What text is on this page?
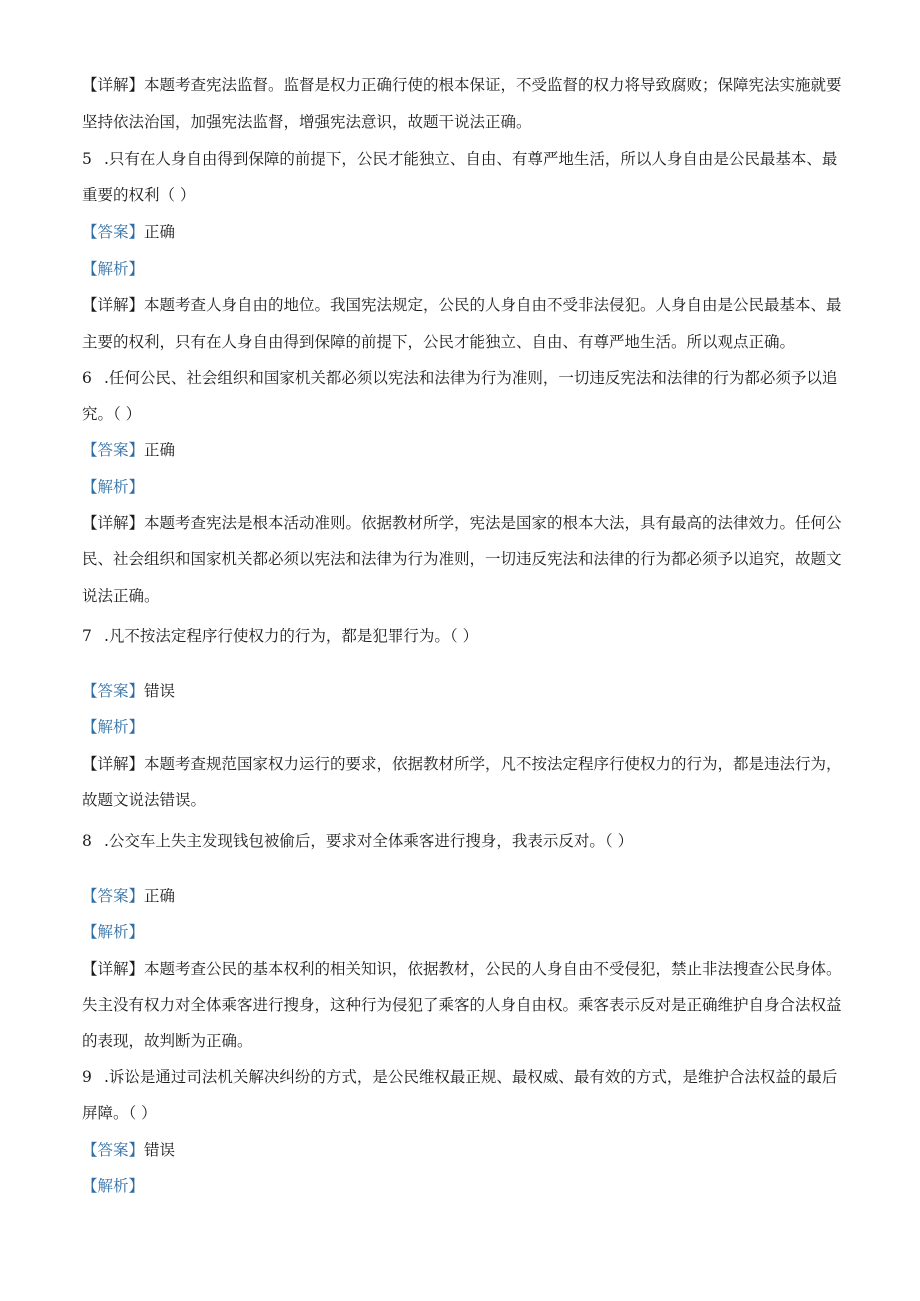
【详解】本题考查宪法监督。监督是权力正确行使的根本保证，不受监督的权力将导致腐败；保障宪法实施就要
坚持依法治国，加强宪法监督，增强宪法意识，故题干说法正确。
5 .只有在人身自由得到保障的前提下，公民才能独立、自由、有尊严地生活，所以人身自由是公民最基本、最
重要的权利（ ）
【答案】正确
【解析】
【详解】本题考查人身自由的地位。我国宪法规定，公民的人身自由不受非法侵犯。人身自由是公民最基本、最
主要的权利，只有在人身自由得到保障的前提下，公民才能独立、自由、有尊严地生活。所以观点正确。
6 .任何公民、社会组织和国家机关都必须以宪法和法律为行为准则，一切违反宪法和法律的行为都必须予以追
究。（ ）
【答案】正确
【解析】
【详解】本题考查宪法是根本活动准则。依据教材所学，宪法是国家的根本大法，具有最高的法律效力。任何公
民、社会组织和国家机关都必须以宪法和法律为行为准则，一切违反宪法和法律的行为都必须予以追究，故题文
说法正确。
7 .凡不按法定程序行使权力的行为，都是犯罪行为。（ ）
【答案】错误
【解析】
【详解】本题考查规范国家权力运行的要求，依据教材所学，凡不按法定程序行使权力的行为，都是违法行为，
故题文说法错误。
8 .公交车上失主发现钱包被偷后，要求对全体乘客进行搜身，我表示反对。（ ）
【答案】正确
【解析】
【详解】本题考查公民的基本权利的相关知识，依据教材，公民的人身自由不受侵犯，禁止非法搜查公民身体。
失主没有权力对全体乘客进行搜身，这种行为侵犯了乘客的人身自由权。乘客表示反对是正确维护自身合法权益
的表现，故判断为正确。
9 .诉讼是通过司法机关解决纠纷的方式，是公民维权最正规、最权威、最有效的方式，是维护合法权益的最后
屏障。（ ）
【答案】错误
【解析】
